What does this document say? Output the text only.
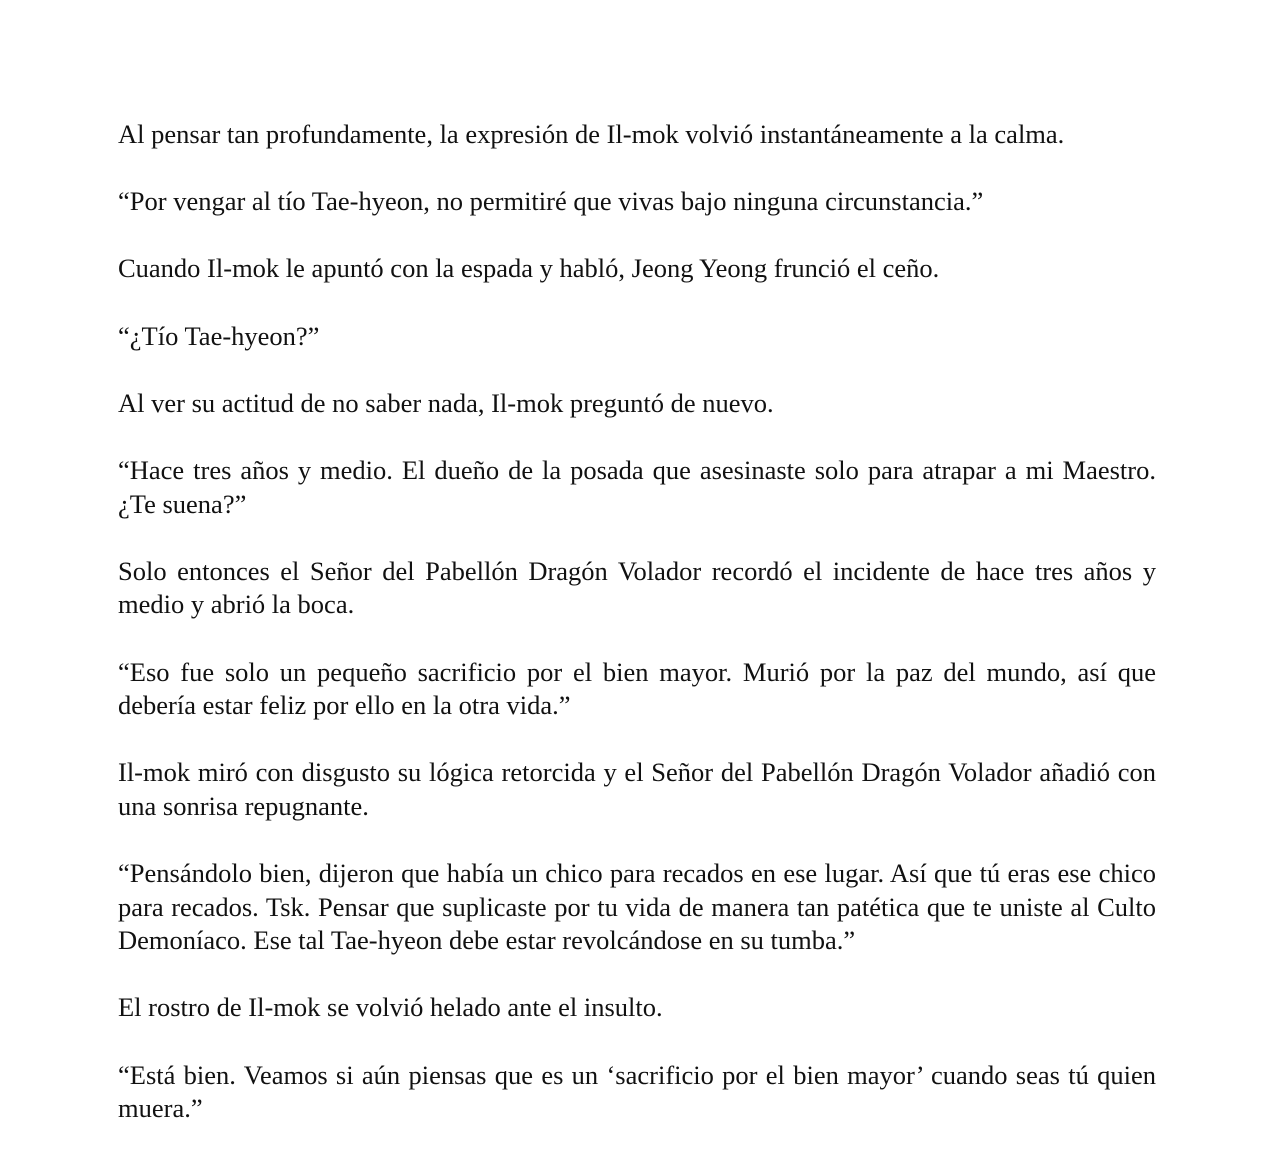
Al pensar tan profundamente, la expresión de Il-mok volvió instantáneamente a la calma.

“Por vengar al tío Tae-hyeon, no permitiré que vivas bajo ninguna circunstancia.”

Cuando Il-mok le apuntó con la espada y habló, Jeong Yeong frunció el ceño.

“¿Tío Tae-hyeon?”

Al ver su actitud de no saber nada, Il-mok preguntó de nuevo.

“Hace tres años y medio. El dueño de la posada que asesinaste solo para atrapar a mi Maestro. ¿Te suena?”

Solo entonces el Señor del Pabellón Dragón Volador recordó el incidente de hace tres años y medio y abrió la boca.

“Eso fue solo un pequeño sacrificio por el bien mayor. Murió por la paz del mundo, así que debería estar feliz por ello en la otra vida.”

Il-mok miró con disgusto su lógica retorcida y el Señor del Pabellón Dragón Volador añadió con una sonrisa repugnante.

“Pensándolo bien, dijeron que había un chico para recados en ese lugar. Así que tú eras ese chico para recados. Tsk. Pensar que suplicaste por tu vida de manera tan patética que te uniste al Culto Demoníaco. Ese tal Tae-hyeon debe estar revolcándose en su tumba.”

El rostro de Il-mok se volvió helado ante el insulto.

“Está bien. Veamos si aún piensas que es un ‘sacrificio por el bien mayor’ cuando seas tú quien muera.”
